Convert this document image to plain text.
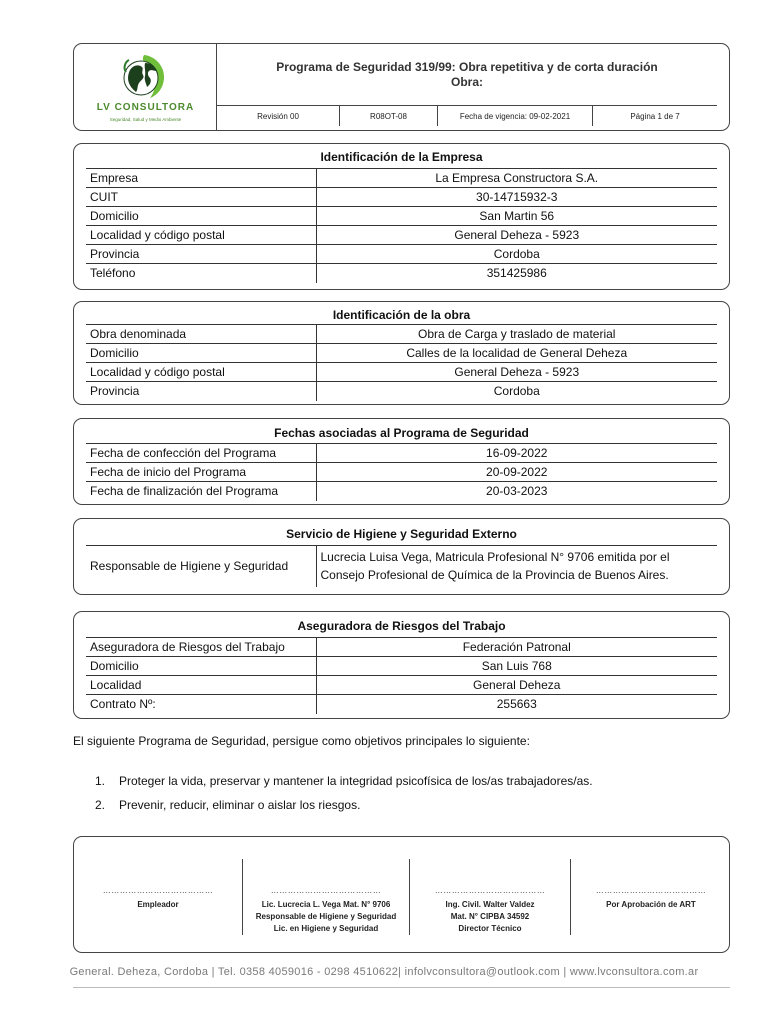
LV CONSULTORA
Seguridad, Salud y Medio Ambiente
Programa de Seguridad 319/99: Obra repetitiva y de corta duración
Obra:
Revisión 00	R08OT-08	Fecha de vigencia: 09-02-2021	Página 1 de 7
Identificación de la Empresa
Empresa	La Empresa Constructora S.A.
CUIT	30-14715932-3
Domicilio	San Martin 56
Localidad y código postal	General Deheza - 5923
Provincia	Cordoba
Teléfono	351425986
Identificación de la obra
Obra denominada	Obra de Carga y traslado de material
Domicilio	Calles de la localidad de General Deheza
Localidad y código postal	General Deheza - 5923
Provincia	Cordoba
Fechas asociadas al Programa de Seguridad
Fecha de confección del Programa	16-09-2022
Fecha de inicio del Programa	20-09-2022
Fecha de finalización del Programa	20-03-2023
Servicio de Higiene y Seguridad Externo
Responsable de Higiene y Seguridad	
Lucrecia Luisa Vega, Matricula Profesional N° 9706 emitida por el
Consejo Profesional de Química de la Provincia de Buenos Aires.
Aseguradora de Riesgos del Trabajo
Aseguradora de Riesgos del Trabajo	Federación Patronal
Domicilio	San Luis 768
Localidad	General Deheza
Contrato Nº:	255663
El siguiente Programa de Seguridad, persigue como objetivos principales lo siguiente:
1.	Proteger la vida, preservar y mantener la integridad psicofísica de los/as trabajadores/as.
2.	Prevenir, reducir, eliminar o aislar los riesgos.
…………………………………
Empleador
…………………………………
Lic. Lucrecia L. Vega Mat. N° 9706
Responsable de Higiene y Seguridad
Lic. en Higiene y Seguridad
…………………………………
Ing. Civil. Walter Valdez
Mat. N° CIPBA 34592
Director Técnico
…………………………………
Por Aprobación de ART
General. Deheza, Cordoba | Tel. 0358 4059016 - 0298 4510622| infolvconsultora@outlook.com | www.lvconsultora.com.ar
